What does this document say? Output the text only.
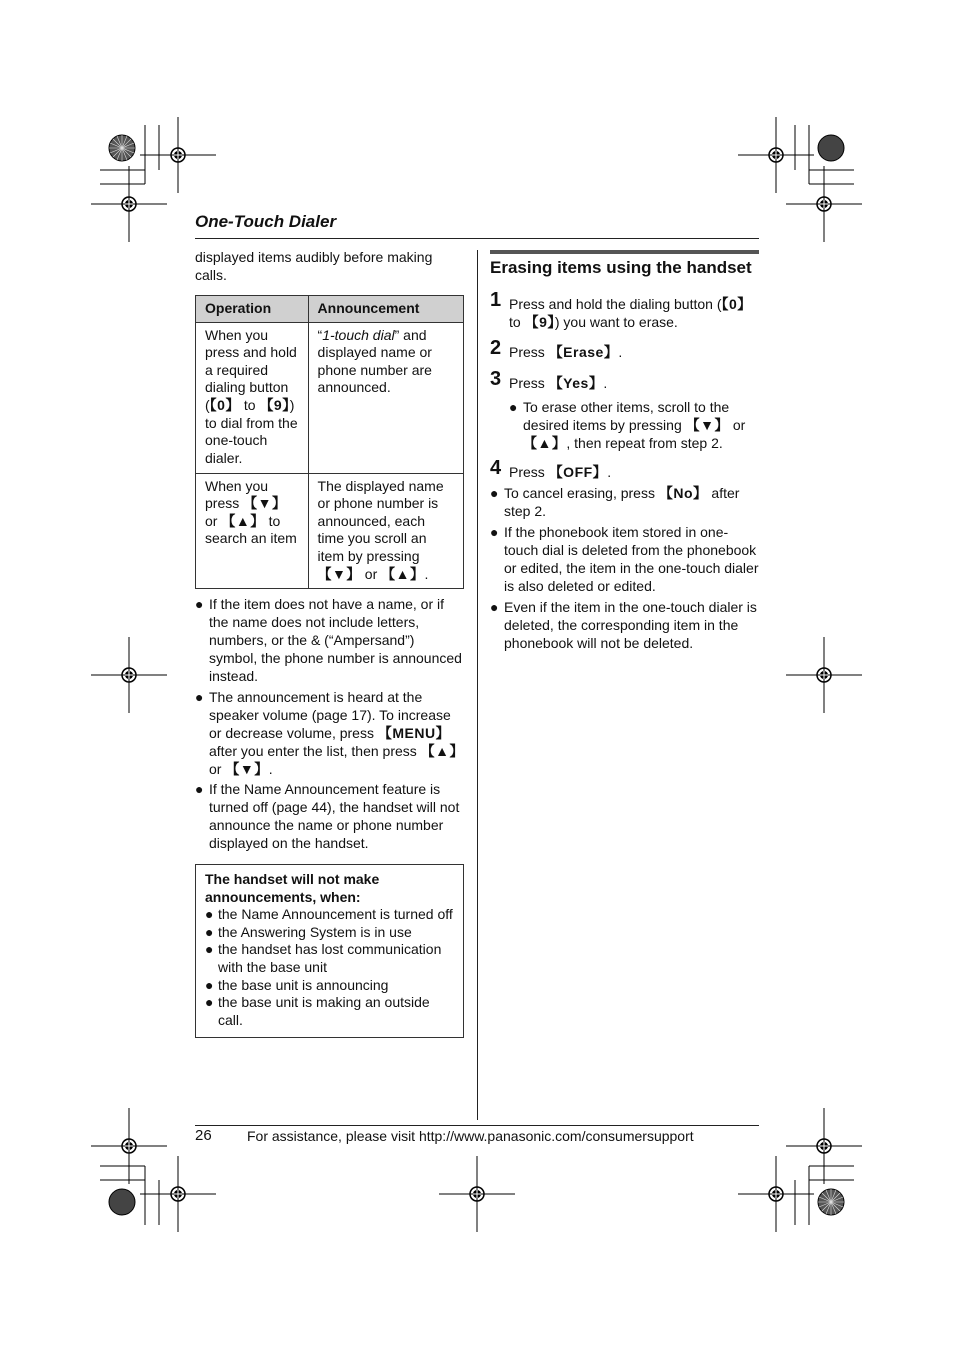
One-Touch Dialer
displayed items audibly before making calls.
Operation	Announcement
When you press and hold a required dialing button (【0】 to 【9】) to dial from the one-touch dialer.	“1-touch dial” and displayed name or phone number are announced.
When you press 【▼】 or 【▲】 to search an item	The displayed name or phone number is announced, each time you scroll an item by pressing 【▼】 or 【▲】.
● If the item does not have a name, or if the name does not include letters, numbers, or the & (“Ampersand”) symbol, the phone number is announced instead.
● The announcement is heard at the speaker volume (page 17). To increase or decrease volume, press 【MENU】 after you enter the list, then press 【▲】 or 【▼】.
● If the Name Announcement feature is turned off (page 44), the handset will not announce the name or phone number displayed on the handset.
The handset will not make announcements, when:
● the Name Announcement is turned off
● the Answering System is in use
● the handset has lost communication with the base unit
● the base unit is announcing
● the base unit is making an outside call.
Erasing items using the handset
1 Press and hold the dialing button (【0】 to 【9】) you want to erase.
2 Press 【Erase】.
3 Press 【Yes】.
● To erase other items, scroll to the desired items by pressing 【▼】 or 【▲】, then repeat from step 2.
4 Press 【OFF】.
● To cancel erasing, press 【No】 after step 2.
● If the phonebook item stored in one-touch dial is deleted from the phonebook or edited, the item in the one-touch dialer is also deleted or edited.
● Even if the item in the one-touch dialer is deleted, the corresponding item in the phonebook will not be deleted.
26	For assistance, please visit http://www.panasonic.com/consumersupport
